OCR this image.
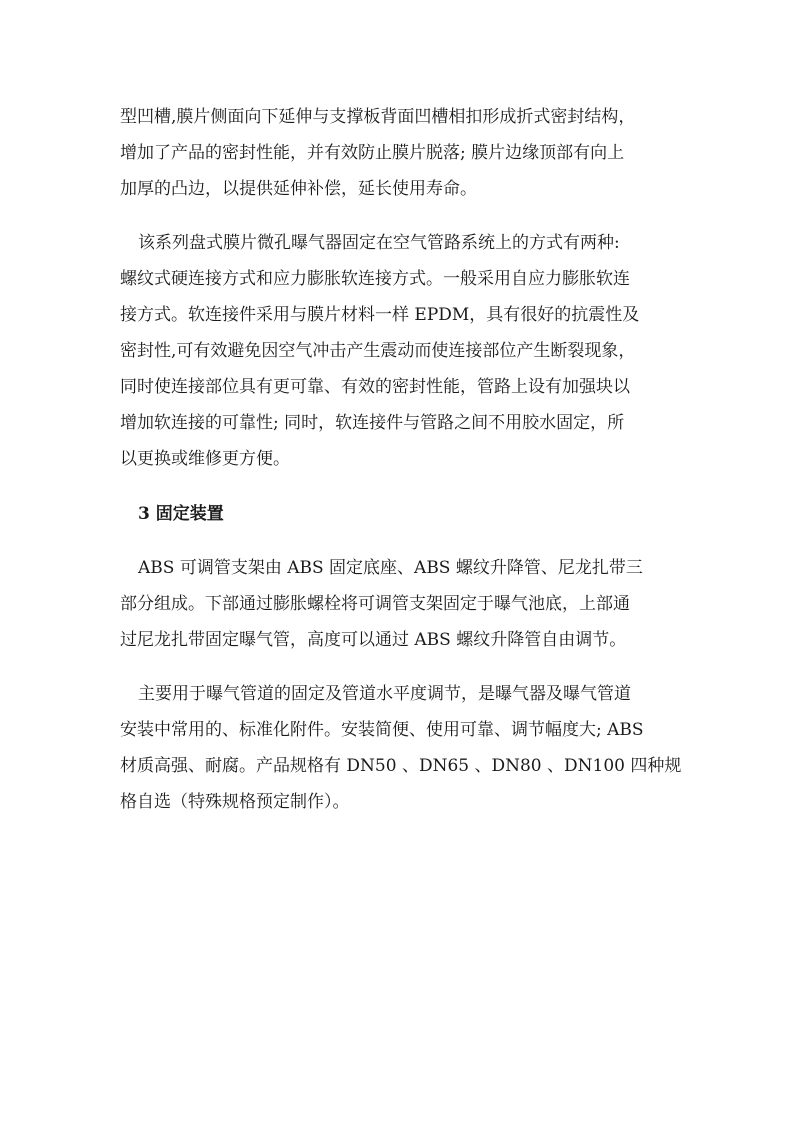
型凹槽,膜片侧面向下延伸与支撑板背面凹槽相扣形成折式密封结构，

增加了产品的密封性能，并有效防止膜片脱落; 膜片边缘顶部有向上

加厚的凸边，以提供延伸补偿，延长使用寿命。

该系列盘式膜片微孔曝气器固定在空气管路系统上的方式有两种:

螺纹式硬连接方式和应力膨胀软连接方式。一般采用自应力膨胀软连

接方式。软连接件采用与膜片材料一样 EPDM，具有很好的抗震性及

密封性,可有效避免因空气冲击产生震动而使连接部位产生断裂现象，

同时使连接部位具有更可靠、有效的密封性能，管路上设有加强块以

增加软连接的可靠性; 同时，软连接件与管路之间不用胶水固定，所

以更换或维修更方便。

3 固定装置

ABS 可调管支架由 ABS 固定底座、ABS 螺纹升降管、尼龙扎带三

部分组成。下部通过膨胀螺栓将可调管支架固定于曝气池底，上部通

过尼龙扎带固定曝气管，高度可以通过 ABS 螺纹升降管自由调节。

主要用于曝气管道的固定及管道水平度调节，是曝气器及曝气管道

安装中常用的、标准化附件。安装简便、使用可靠、调节幅度大; ABS

材质高强、耐腐。产品规格有 DN50 、DN65 、DN80 、DN100 四种规

格自选（特殊规格预定制作）。
